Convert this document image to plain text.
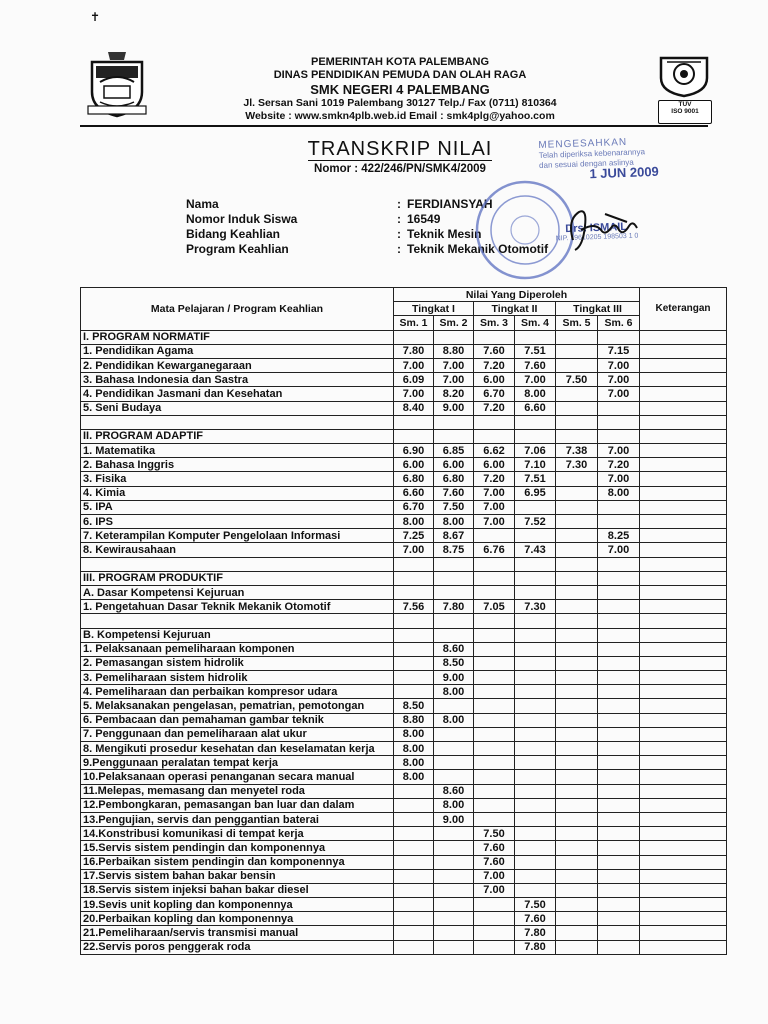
TÜV
ISO 9001

PEMERINTAH KOTA PALEMBANG
DINAS PENDIDIKAN PEMUDA DAN OLAH RAGA
SMK NEGERI 4 PALEMBANG
Jl. Sersan Sani 1019 Palembang 30127 Telp./ Fax (0711) 810364
Website : www.smkn4plb.web.id Email : smk4plg@yahoo.com
TRANSKRIP NILAI
Nomor : 422/246/PN/SMK4/2009
Nama	: FERDIANSYAH
Nomor Induk Siswa	: 16549
Bidang Keahlian	: Teknik Mesin
Program Keahlian	: Teknik Mekanik Otomotif
MENGESAHKAN
Telah diperiksa kebenarannya
dan sesuai dengan aslinya
1 JUN 2009
Drs. ISMAIL
NIP. 19610205 198503 1 0
✝
Mata Pelajaran / Program Keahlian	Nilai Yang Diperoleh						Keterangan
	Tingkat I		Tingkat II		Tingkat III		
	Sm. 1	Sm. 2	Sm. 3	Sm. 4	Sm. 5	Sm. 6	
I. PROGRAM NORMATIF							
1. Pendidikan Agama	7.80	8.80	7.60	7.51		7.15	
2. Pendidikan Kewarganegaraan	7.00	7.00	7.20	7.60		7.00	
3. Bahasa Indonesia dan Sastra	6.09	7.00	6.00	7.00	7.50	7.00	
4. Pendidikan Jasmani dan Kesehatan	7.00	8.20	6.70	8.00		7.00	
5. Seni Budaya	8.40	9.00	7.20	6.60			

II. PROGRAM ADAPTIF							
1. Matematika	6.90	6.85	6.62	7.06	7.38	7.00	
2. Bahasa Inggris	6.00	6.00	6.00	7.10	7.30	7.20	
3. Fisika	6.80	6.80	7.20	7.51		7.00	
4. Kimia	6.60	7.60	7.00	6.95		8.00	
5. IPA	6.70	7.50	7.00				
6. IPS	8.00	8.00	7.00	7.52			
7. Keterampilan Komputer Pengelolaan Informasi	7.25	8.67				8.25	
8. Kewirausahaan	7.00	8.75	6.76	7.43		7.00	

III. PROGRAM PRODUKTIF							
A. Dasar Kompetensi Kejuruan							
1. Pengetahuan Dasar Teknik Mekanik Otomotif	7.56	7.80	7.05	7.30			

B. Kompetensi Kejuruan							
1. Pelaksanaan pemeliharaan komponen		8.60					
2. Pemasangan sistem hidrolik		8.50					
3. Pemeliharaan sistem hidrolik		9.00					
4. Pemeliharaan dan perbaikan kompresor udara		8.00					
5. Melaksanakan pengelasan, pematrian, pemotongan	8.50						
6. Pembacaan dan pemahaman gambar teknik	8.80	8.00					
7. Penggunaan dan pemeliharaan alat ukur	8.00						
8. Mengikuti prosedur kesehatan dan keselamatan kerja	8.00						
9.Penggunaan peralatan tempat kerja	8.00						
10.Pelaksanaan operasi penanganan secara manual	8.00						
11.Melepas, memasang dan menyetel roda		8.60					
12.Pembongkaran, pemasangan ban luar dan dalam		8.00					
13.Pengujian, servis dan penggantian baterai		9.00					
14.Konstribusi komunikasi di tempat kerja			7.50				
15.Servis sistem pendingin dan komponennya			7.60				
16.Perbaikan sistem pendingin dan komponennya			7.60				
17.Servis sistem bahan bakar bensin			7.00				
18.Servis sistem injeksi bahan bakar diesel			7.00				
19.Sevis unit kopling dan komponennya				7.50			
20.Perbaikan kopling dan komponennya				7.60			
21.Pemeliharaan/servis transmisi manual				7.80			
22.Servis poros penggerak roda				7.80			
